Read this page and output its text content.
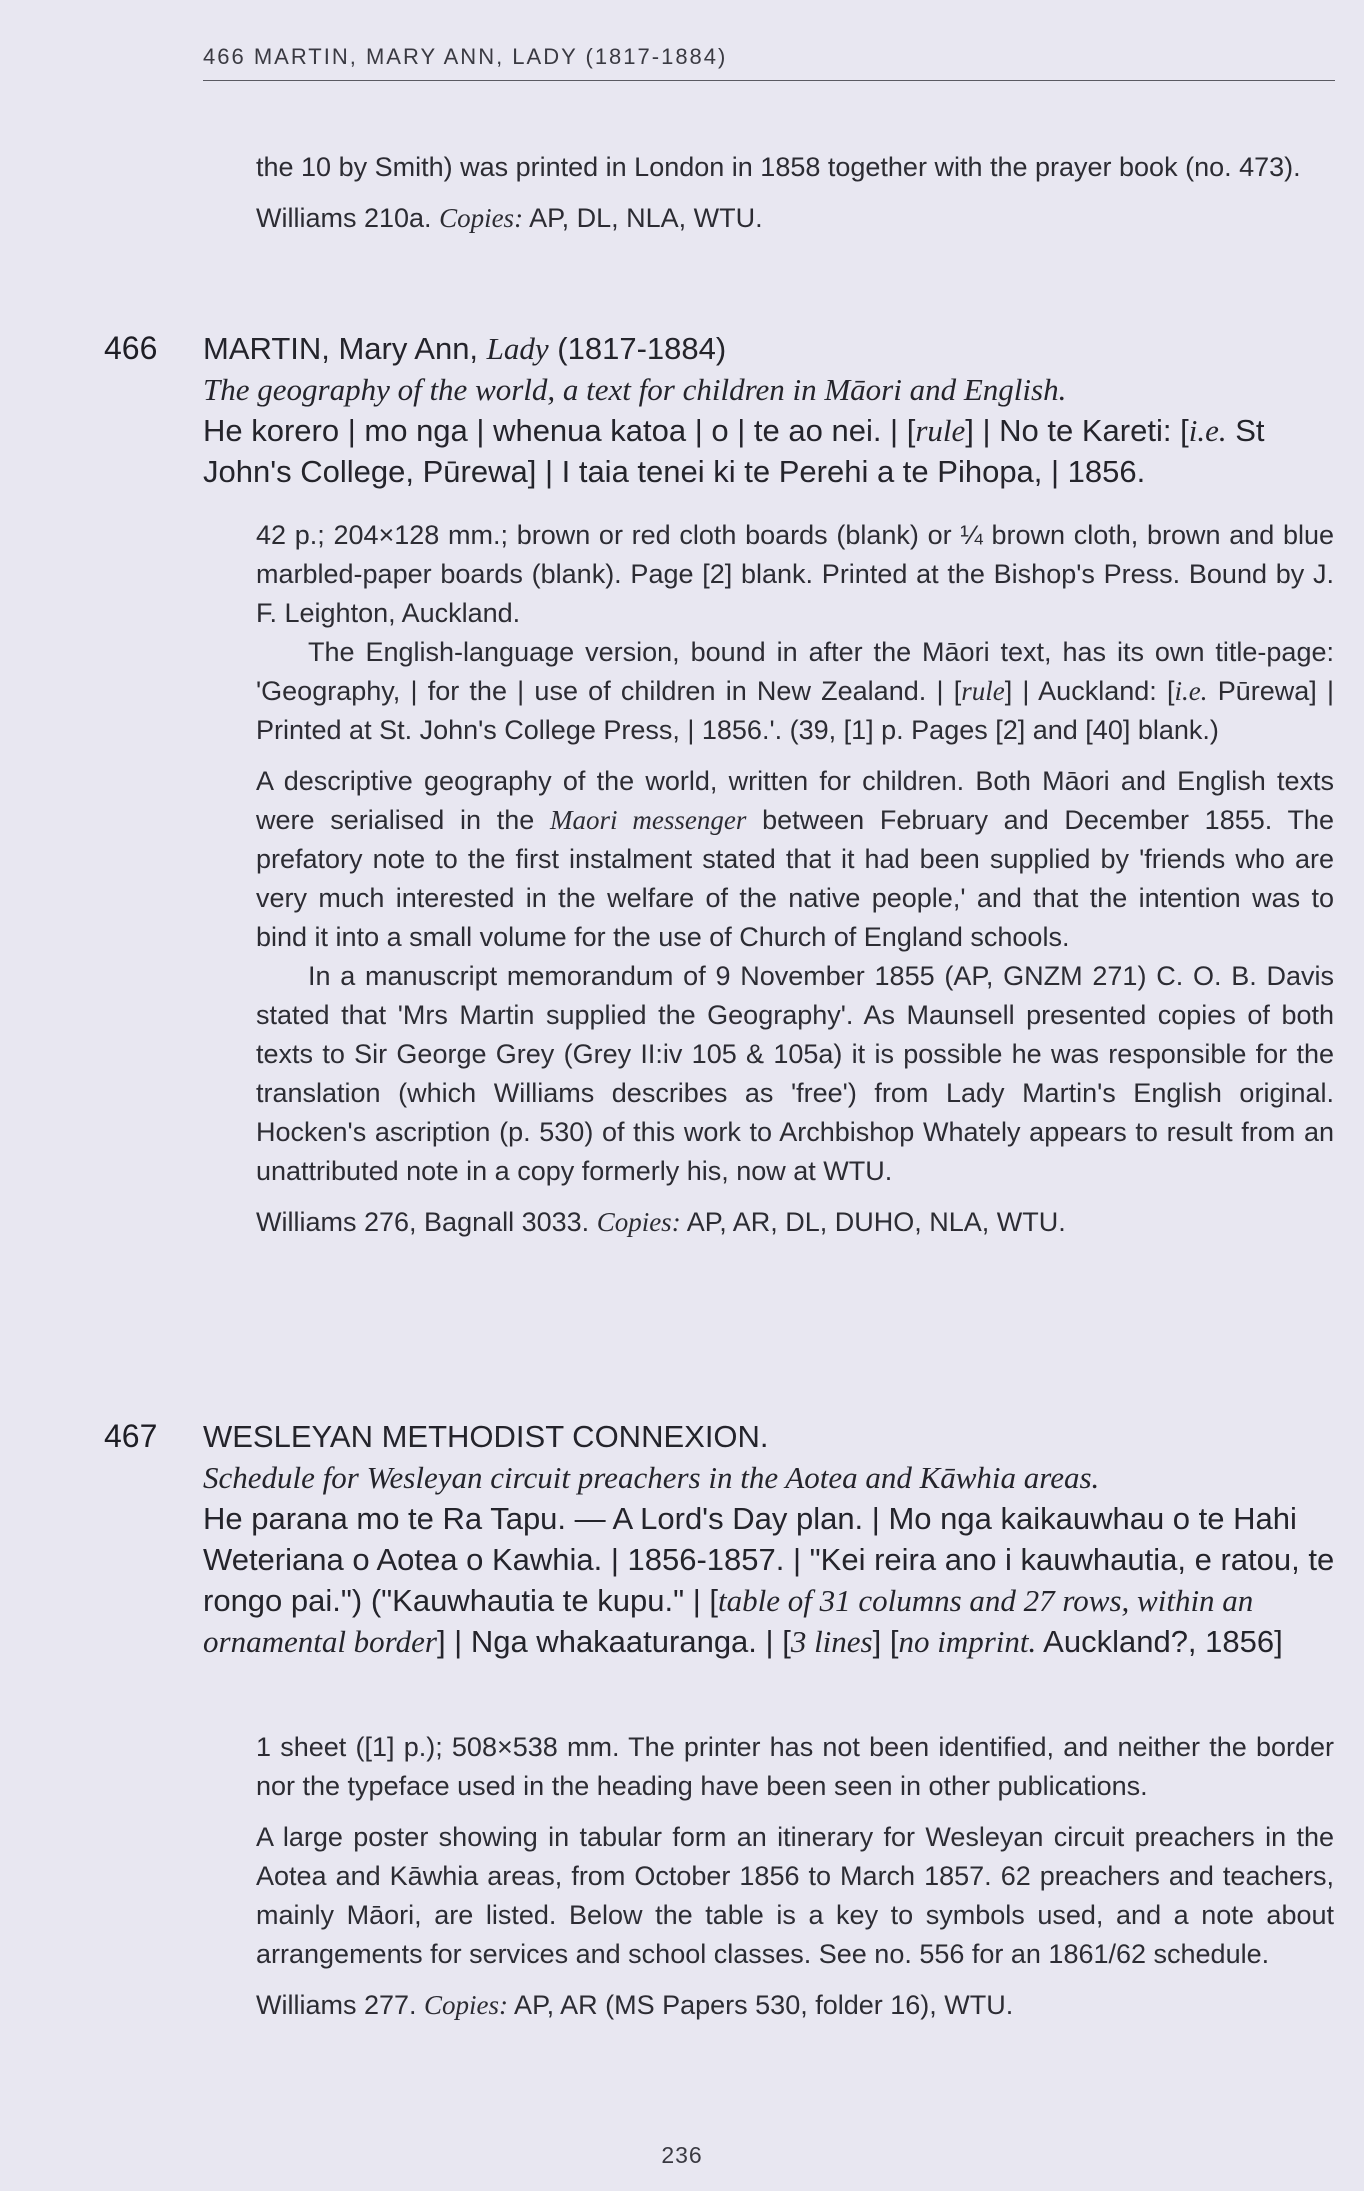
466 MARTIN, MARY ANN, LADY (1817-1884)

the 10 by Smith) was printed in London in 1858 together with the prayer book (no. 473).

Williams 210a. Copies: AP, DL, NLA, WTU.

466 MARTIN, Mary Ann, Lady (1817-1884)

The geography of the world, a text for children in Māori and English.

He korero | mo nga | whenua katoa | o | te ao nei. | [rule] | No te Kareti: [i.e. St John's College, Pūrewa] | I taia tenei ki te Perehi a te Pihopa, | 1856.

42 p.; 204×128 mm.; brown or red cloth boards (blank) or ¼ brown cloth, brown and blue marbled-paper boards (blank). Page [2] blank. Printed at the Bishop's Press. Bound by J. F. Leighton, Auckland.

The English-language version, bound in after the Māori text, has its own title-page: 'Geography, | for the | use of children in New Zealand. | [rule] | Auckland: [i.e. Pūrewa] | Printed at St. John's College Press, | 1856.'. (39, [1] p. Pages [2] and [40] blank.)

A descriptive geography of the world, written for children. Both Māori and English texts were serialised in the Maori messenger between February and December 1855. The prefatory note to the first instalment stated that it had been supplied by 'friends who are very much interested in the welfare of the native people,' and that the intention was to bind it into a small volume for the use of Church of England schools.

In a manuscript memorandum of 9 November 1855 (AP, GNZM 271) C. O. B. Davis stated that 'Mrs Martin supplied the Geography'. As Maunsell presented copies of both texts to Sir George Grey (Grey II:iv 105 & 105a) it is possible he was responsible for the translation (which Williams describes as 'free') from Lady Martin's English original. Hocken's ascription (p. 530) of this work to Archbishop Whately appears to result from an unattributed note in a copy formerly his, now at WTU.

Williams 276, Bagnall 3033. Copies: AP, AR, DL, DUHO, NLA, WTU.

467 WESLEYAN METHODIST CONNEXION.

Schedule for Wesleyan circuit preachers in the Aotea and Kāwhia areas.

He parana mo te Ra Tapu. — A Lord's Day plan. | Mo nga kaikauwhau o te Hahi Weteriana o Aotea o Kawhia. | 1856-1857. | "Kei reira ano i kauwhautia, e ratou, te rongo pai.") ("Kauwhautia te kupu." | [table of 31 columns and 27 rows, within an ornamental border] | Nga whakaaturanga. | [3 lines] [no imprint. Auckland?, 1856]

1 sheet ([1] p.); 508×538 mm. The printer has not been identified, and neither the border nor the typeface used in the heading have been seen in other publications.

A large poster showing in tabular form an itinerary for Wesleyan circuit preachers in the Aotea and Kāwhia areas, from October 1856 to March 1857. 62 preachers and teachers, mainly Māori, are listed. Below the table is a key to symbols used, and a note about arrangements for services and school classes. See no. 556 for an 1861/62 schedule.

Williams 277. Copies: AP, AR (MS Papers 530, folder 16), WTU.

236
